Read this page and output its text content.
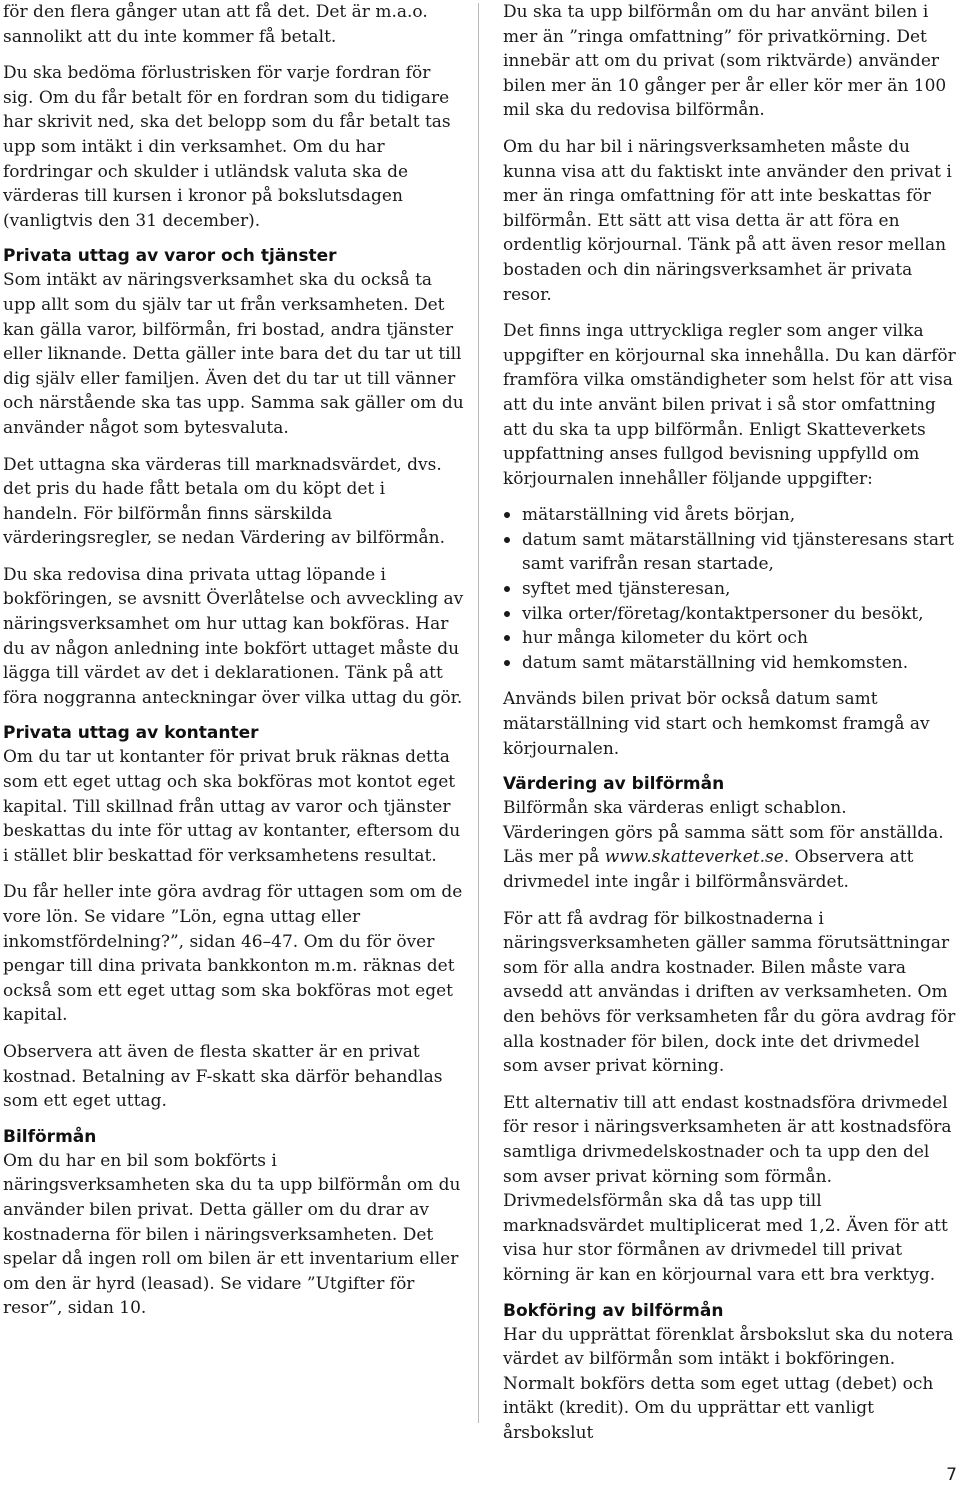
för den flera gånger utan att få det. Det är m.a.o. sannolikt att du inte kommer få betalt.

Du ska bedöma förlustrisken för varje fordran för sig. Om du får betalt för en fordran som du tidigare har skrivit ned, ska det belopp som du får betalt tas upp som intäkt i din verksamhet. Om du har fordringar och skulder i utländsk valuta ska de värderas till kursen i kronor på bokslutsdagen (vanligtvis den 31 december).

Privata uttag av varor och tjänster

Som intäkt av näringsverksamhet ska du också ta upp allt som du själv tar ut från verksamheten. Det kan gälla varor, bilförmån, fri bostad, andra tjänster eller liknande. Detta gäller inte bara det du tar ut till dig själv eller familjen. Även det du tar ut till vänner och närstående ska tas upp. Samma sak gäller om du använder något som bytesvaluta.

Det uttagna ska värderas till marknadsvärdet, dvs. det pris du hade fått betala om du köpt det i handeln. För bilförmån finns särskilda värderingsregler, se nedan Värdering av bilförmån.

Du ska redovisa dina privata uttag löpande i bokföringen, se avsnitt Överlåtelse och avveckling av näringsverksamhet om hur uttag kan bokföras. Har du av någon anledning inte bokfört uttaget måste du lägga till värdet av det i deklarationen. Tänk på att föra noggranna anteckningar över vilka uttag du gör.

Privata uttag av kontanter

Om du tar ut kontanter för privat bruk räknas detta som ett eget uttag och ska bokföras mot kontot eget kapital. Till skillnad från uttag av varor och tjänster beskattas du inte för uttag av kontanter, eftersom du i stället blir beskattad för verksamhetens resultat.

Du får heller inte göra avdrag för uttagen som om de vore lön. Se vidare ”Lön, egna uttag eller inkomstfördelning?”, sidan 46–47. Om du för över pengar till dina privata bankkonton m.m. räknas det också som ett eget uttag som ska bokföras mot eget kapital.

Observera att även de flesta skatter är en privat kostnad. Betalning av F-skatt ska därför behandlas som ett eget uttag.

Bilförmån

Om du har en bil som bokförts i näringsverksamheten ska du ta upp bilförmån om du använder bilen privat. Detta gäller om du drar av kostnaderna för bilen i näringsverksamheten. Det spelar då ingen roll om bilen är ett inventarium eller om den är hyrd (leasad). Se vidare ”Utgifter för resor”, sidan 10.

Du ska ta upp bilförmån om du har använt bilen i mer än ”ringa omfattning” för privatkörning. Det innebär att om du privat (som riktvärde) använder bilen mer än 10 gånger per år eller kör mer än 100 mil ska du redovisa bilförmån.

Om du har bil i näringsverksamheten måste du kunna visa att du faktiskt inte använder den privat i mer än ringa omfattning för att inte beskattas för bilförmån. Ett sätt att visa detta är att föra en ordentlig körjournal. Tänk på att även resor mellan bostaden och din näringsverksamhet är privata resor.

Det finns inga uttryckliga regler som anger vilka uppgifter en körjournal ska innehålla. Du kan därför framföra vilka omständigheter som helst för att visa att du inte använt bilen privat i så stor omfattning att du ska ta upp bilförmån. Enligt Skatteverkets uppfattning anses fullgod bevisning uppfylld om körjournalen innehåller följande uppgifter:

mätarställning vid årets början,
datum samt mätarställning vid tjänsteresans start samt varifrån resan startade,
syftet med tjänsteresan,
vilka orter/företag/kontaktpersoner du besökt,
hur många kilometer du kört och
datum samt mätarställning vid hemkomsten.

Används bilen privat bör också datum samt mätarställning vid start och hemkomst framgå av körjournalen.

Värdering av bilförmån

Bilförmån ska värderas enligt schablon. Värderingen görs på samma sätt som för anställda. Läs mer på www.skatteverket.se. Observera att drivmedel inte ingår i bilförmånsvärdet.

För att få avdrag för bilkostnaderna i näringsverksamheten gäller samma förutsättningar som för alla andra kostnader. Bilen måste vara avsedd att användas i driften av verksamheten. Om den behövs för verksamheten får du göra avdrag för alla kostnader för bilen, dock inte det drivmedel som avser privat körning.

Ett alternativ till att endast kostnadsföra drivmedel för resor i näringsverksamheten är att kostnadsföra samtliga drivmedelskostnader och ta upp den del som avser privat körning som förmån. Drivmedelsförmån ska då tas upp till marknadsvärdet multiplicerat med 1,2. Även för att visa hur stor förmånen av drivmedel till privat körning är kan en körjournal vara ett bra verktyg.

Bokföring av bilförmån

Har du upprättat förenklat årsbokslut ska du notera värdet av bilförmån som intäkt i bokföringen. Normalt bokförs detta som eget uttag (debet) och intäkt (kredit). Om du upprättar ett vanligt årsbokslut

7
